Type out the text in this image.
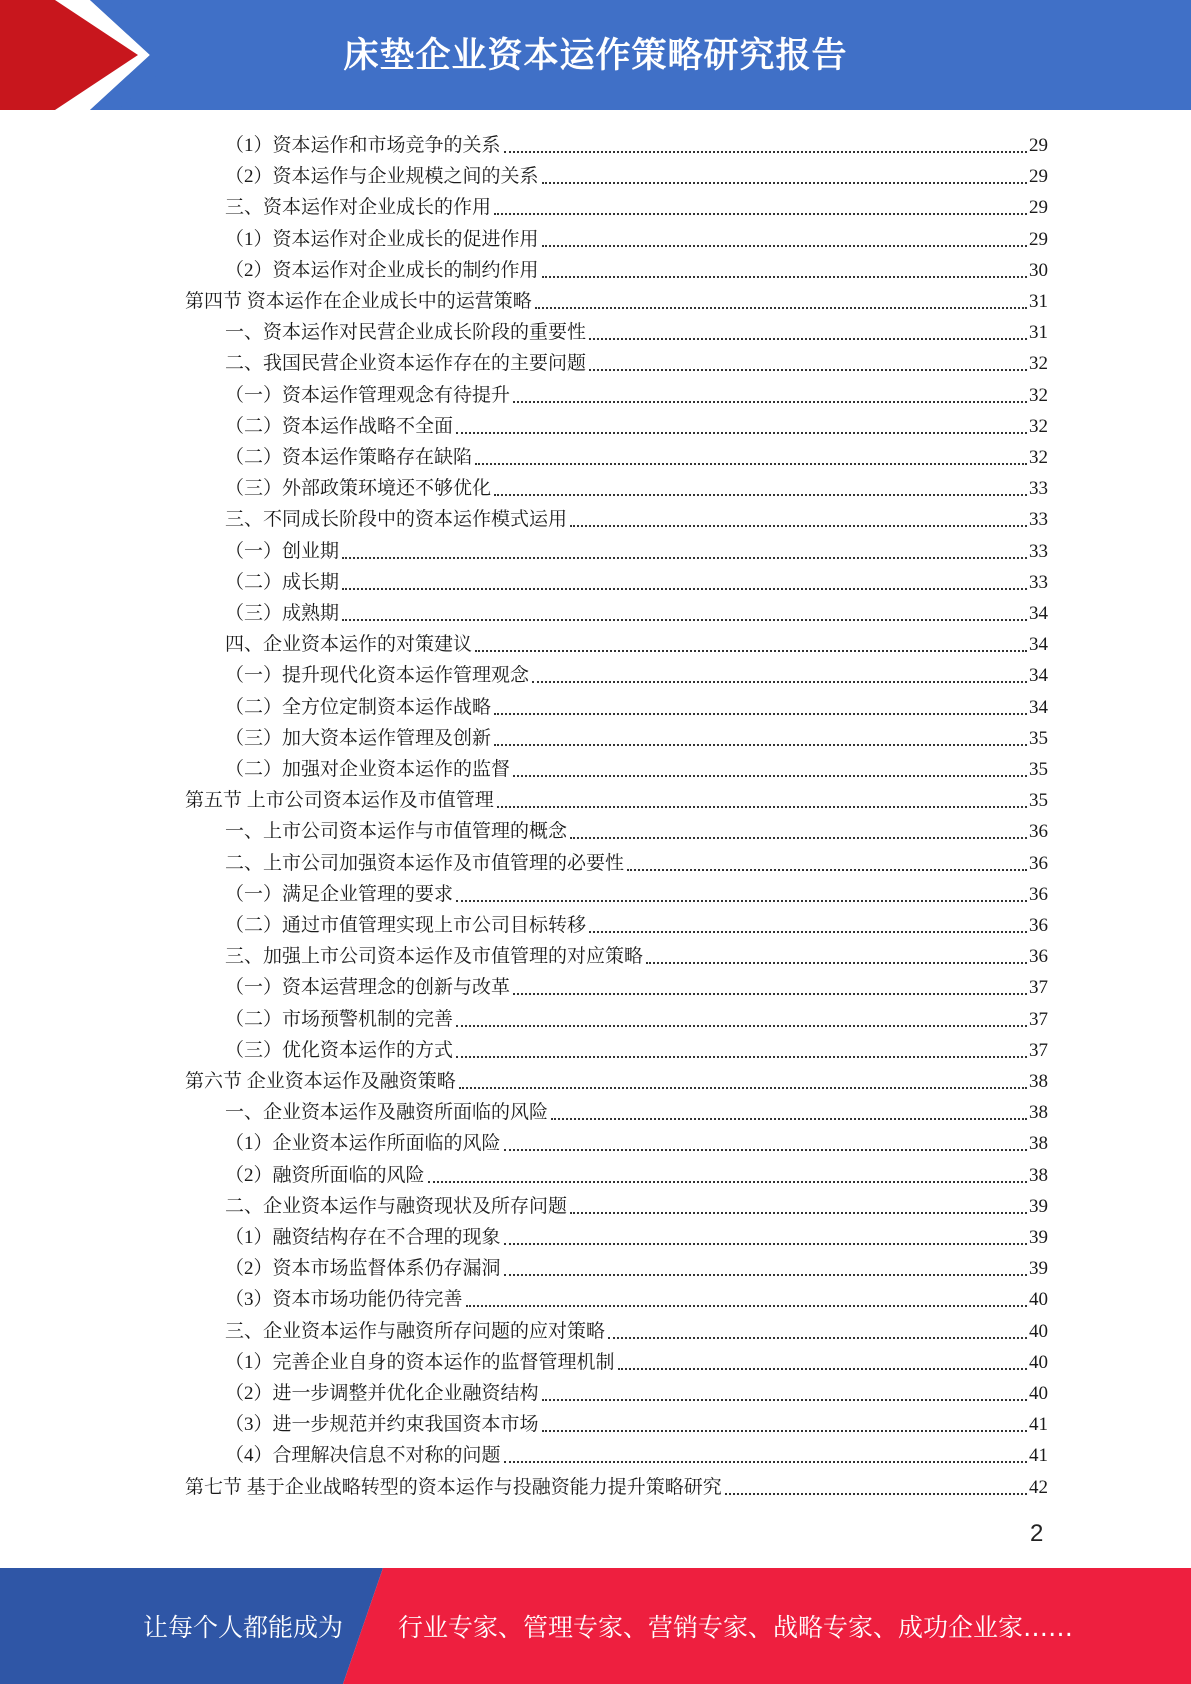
床垫企业资本运作策略研究报告
（1）资本运作和市场竞争的关系	29
（2）资本运作与企业规模之间的关系	29
三、资本运作对企业成长的作用	29
（1）资本运作对企业成长的促进作用	29
（2）资本运作对企业成长的制约作用	30
第四节 资本运作在企业成长中的运营策略	31
一、资本运作对民营企业成长阶段的重要性	31
二、我国民营企业资本运作存在的主要问题	32
（一）资本运作管理观念有待提升	32
（二）资本运作战略不全面	32
（二）资本运作策略存在缺陷	32
（三）外部政策环境还不够优化	33
三、不同成长阶段中的资本运作模式运用	33
（一）创业期	33
（二）成长期	33
（三）成熟期	34
四、企业资本运作的对策建议	34
（一）提升现代化资本运作管理观念	34
（二）全方位定制资本运作战略	34
（三）加大资本运作管理及创新	35
（二）加强对企业资本运作的监督	35
第五节 上市公司资本运作及市值管理	35
一、上市公司资本运作与市值管理的概念	36
二、上市公司加强资本运作及市值管理的必要性	36
（一）满足企业管理的要求	36
（二）通过市值管理实现上市公司目标转移	36
三、加强上市公司资本运作及市值管理的对应策略	36
（一）资本运营理念的创新与改革	37
（二）市场预警机制的完善	37
（三）优化资本运作的方式	37
第六节 企业资本运作及融资策略	38
一、企业资本运作及融资所面临的风险	38
（1）企业资本运作所面临的风险	38
（2）融资所面临的风险	38
二、企业资本运作与融资现状及所存问题	39
（1）融资结构存在不合理的现象	39
（2）资本市场监督体系仍存漏洞	39
（3）资本市场功能仍待完善	40
三、企业资本运作与融资所存问题的应对策略	40
（1）完善企业自身的资本运作的监督管理机制	40
（2）进一步调整并优化企业融资结构	40
（3）进一步规范并约束我国资本市场	41
（4）合理解决信息不对称的问题	41
第七节 基于企业战略转型的资本运作与投融资能力提升策略研究	42
2
让每个人都能成为 行业专家、管理专家、营销专家、战略专家、成功企业家……
